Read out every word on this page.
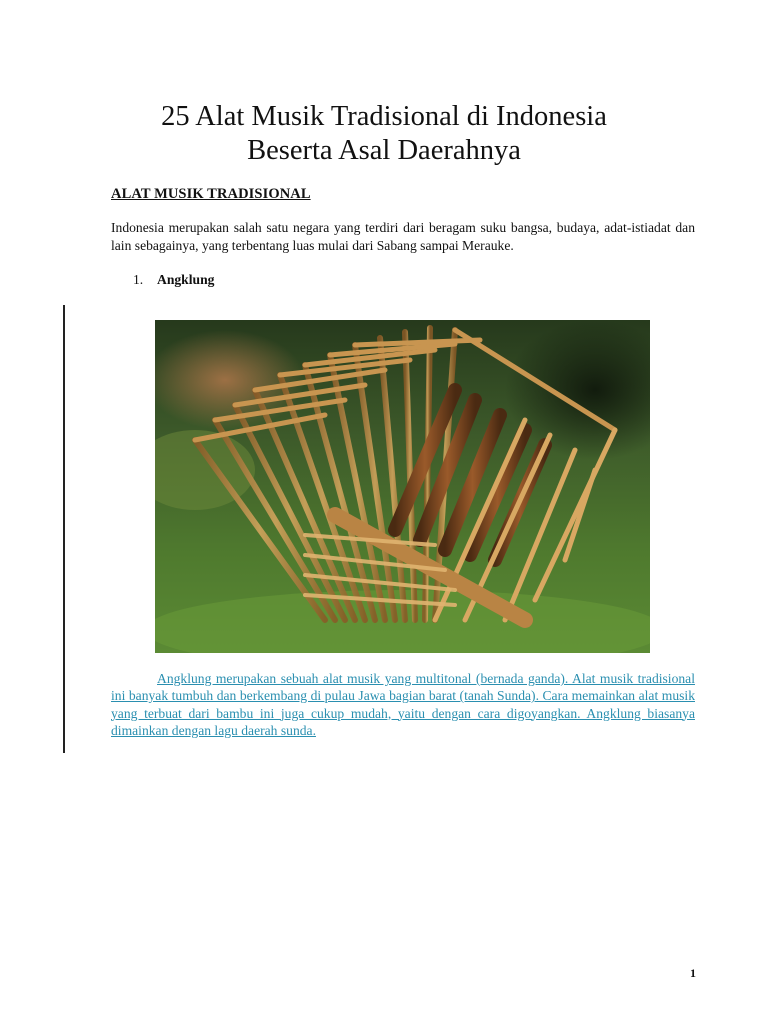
25 Alat Musik Tradisional di Indonesia
Beserta Asal Daerahnya

ALAT MUSIK TRADISIONAL

Indonesia merupakan salah satu negara yang terdiri dari beragam suku bangsa, budaya, adat-istiadat dan lain sebagainya, yang terbentang luas mulai dari Sabang sampai Merauke.

1. Angklung

Angklung merupakan sebuah alat musik yang multitonal (bernada ganda). Alat musik tradisional ini banyak tumbuh dan berkembang di pulau Jawa bagian barat (tanah Sunda). Cara memainkan alat musik yang terbuat dari bambu ini juga cukup mudah, yaitu dengan cara digoyangkan. Angklung biasanya dimainkan dengan lagu daerah sunda.

1
